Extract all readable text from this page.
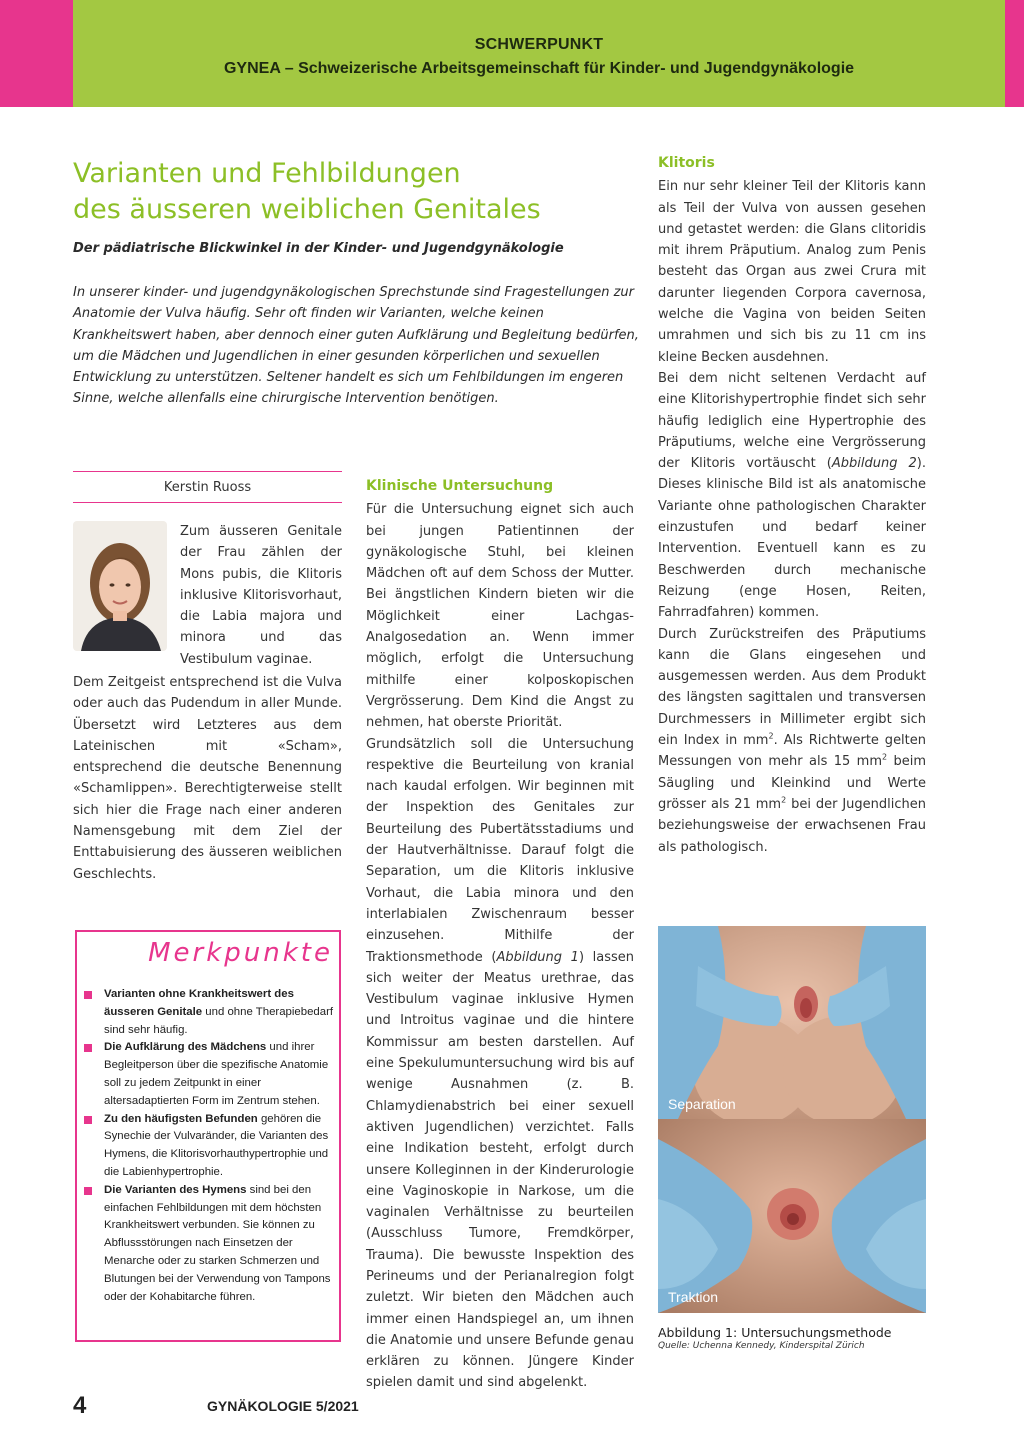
SCHWERPUNKT
GYNEA – Schweizerische Arbeitsgemeinschaft für Kinder- und Jugendgynäkologie
Varianten und Fehlbildungen
des äusseren weiblichen Genitales
Der pädiatrische Blickwinkel in der Kinder- und Jugendgynäkologie
In unserer kinder- und jugendgynäkologischen Sprechstunde sind Fragestellungen zur Anatomie der Vulva häufig. Sehr oft finden wir Varianten, welche keinen Krankheitswert haben, aber dennoch einer guten Aufklärung und Begleitung bedürfen, um die Mädchen und Jugendlichen in einer gesunden körperlichen und sexuellen Entwicklung zu unterstützen. Seltener handelt es sich um Fehlbildungen im engeren Sinne, welche allenfalls eine chirurgische Intervention benötigen.
Kerstin Ruoss
Zum äusseren Genitale der Frau zählen der Mons pubis, die Klitoris inklusive Klitorisvorhaut, die Labia majora und minora und das Vestibulum vaginae.
Dem Zeitgeist entsprechend ist die Vulva oder auch das Pudendum in aller Munde. Übersetzt wird Letzteres aus dem Lateinischen mit «Scham», entsprechend die deutsche Benennung «Schamlippen». Berechtigterweise stellt sich hier die Frage nach einer anderen Namensgebung mit dem Ziel der Enttabuisierung des äusseren weiblichen Geschlechts.
Merkpunkte
Varianten ohne Krankheitswert des äusseren Genitale und ohne Therapiebedarf sind sehr häufig.
Die Aufklärung des Mädchens und ihrer Begleitperson über die spezifische Anatomie soll zu jedem Zeitpunkt in einer altersadaptierten Form im Zentrum stehen.
Zu den häufigsten Befunden gehören die Synechie der Vulvaränder, die Varianten des Hymens, die Klitorisvorhauthypertrophie und die Labienhypertrophie.
Die Varianten des Hymens sind bei den einfachen Fehlbildungen mit dem höchsten Krankheitswert verbunden. Sie können zu Abflussstörungen nach Einsetzen der Menarche oder zu starken Schmerzen und Blutungen bei der Verwendung von Tampons oder der Kohabitarche führen.
Klinische Untersuchung

Für die Untersuchung eignet sich auch bei jungen Patientinnen der gynäkologische Stuhl, bei kleinen Mädchen oft auf dem Schoss der Mutter. Bei ängstlichen Kindern bieten wir die Möglichkeit einer Lachgas-Analgosedation an. Wenn immer möglich, erfolgt die Untersuchung mithilfe einer kolposkopischen Vergrösserung. Dem Kind die Angst zu nehmen, hat oberste Priorität.

Grundsätzlich soll die Untersuchung respektive die Beurteilung von kranial nach kaudal erfolgen. Wir beginnen mit der Inspektion des Genitales zur Beurteilung des Pubertätsstadiums und der Hautverhältnisse. Darauf folgt die Separation, um die Klitoris inklusive Vorhaut, die Labia minora und den interlabialen Zwischenraum besser einzusehen. Mithilfe der Traktionsmethode (Abbildung 1) lassen sich weiter der Meatus urethrae, das Vestibulum vaginae inklusive Hymen und Introitus vaginae und die hintere Kommissur am besten darstellen. Auf eine Spekulumuntersuchung wird bis auf wenige Ausnahmen (z. B. Chlamydienabstrich bei einer sexuell aktiven Jugendlichen) verzichtet. Falls eine Indikation besteht, erfolgt durch unsere Kolleginnen in der Kinderurologie eine Vaginoskopie in Narkose, um die vaginalen Verhältnisse zu beurteilen (Ausschluss Tumore, Fremdkörper, Trauma). Die bewusste Inspektion des Perineums und der Perianalregion folgt zuletzt. Wir bieten den Mädchen auch immer einen Handspiegel an, um ihnen die Anatomie und unsere Befunde genau erklären zu können. Jüngere Kinder spielen damit und sind abgelenkt.

Klitoris

Ein nur sehr kleiner Teil der Klitoris kann als Teil der Vulva von aussen gesehen und getastet werden: die Glans clitoridis mit ihrem Präputium. Analog zum Penis besteht das Organ aus zwei Crura mit darunter liegenden Corpora cavernosa, welche die Vagina von beiden Seiten umrahmen und sich bis zu 11 cm ins kleine Becken ausdehnen.

Bei dem nicht seltenen Verdacht auf eine Klitorishypertrophie findet sich sehr häufig lediglich eine Hypertrophie des Präputiums, welche eine Vergrösserung der Klitoris vortäuscht (Abbildung 2). Dieses klinische Bild ist als anatomische Variante ohne pathologischen Charakter einzustufen und bedarf keiner Intervention. Eventuell kann es zu Beschwerden durch mechanische Reizung (enge Hosen, Reiten, Fahrradfahren) kommen.

Durch Zurückstreifen des Präputiums kann die Glans eingesehen und ausgemessen werden. Aus dem Produkt des längsten sagittalen und transversen Durchmessers in Millimeter ergibt sich ein Index in $mm^2$. Als Richtwerte gelten Messungen von mehr als 15 $mm^2$ beim Säugling und Kleinkind und Werte grösser als 21 $mm^2$ bei der Jugendlichen beziehungsweise der erwachsenen Frau als pathologisch.

Separation
Traktion
Abbildung 1: Untersuchungsmethode
Quelle: Uchenna Kennedy, Kinderspital Zürich
4	GYNÄKOLOGIE 5/2021
